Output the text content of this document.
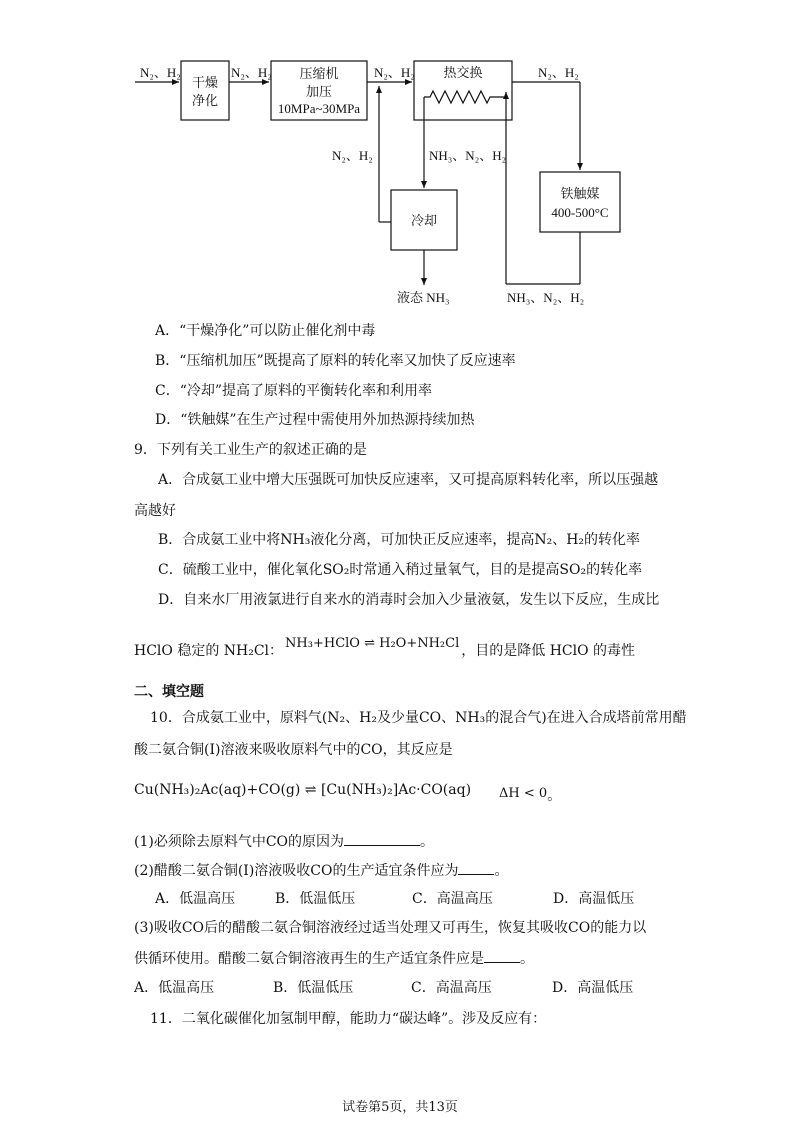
N₂、H₂	N₂、H₂	N₂、H₂	N₂、H₂
N₂、H₂	NH₃、N₂、H₂
NH₃、N₂、H₂
液态 NH₃
干燥
净化
压缩机
加压
10MPa~30MPa
热交换
铁触媒
400-500°C
冷却
A．“干燥净化”可以防止催化剂中毒
B．“压缩机加压”既提高了原料的转化率又加快了反应速率
C．“冷却”提高了原料的平衡转化率和利用率
D．“铁触媒”在生产过程中需使用外加热源持续加热
9．下列有关工业生产的叙述正确的是
A．合成氨工业中增大压强既可加快反应速率，又可提高原料转化率，所以压强越
高越好
B．合成氨工业中将NH₃液化分离，可加快正反应速率，提高N₂、H₂的转化率
C．硫酸工业中，催化氧化SO₂时常通入稍过量氧气，目的是提高SO₂的转化率
D．自来水厂用液氯进行自来水的消毒时会加入少量液氨，发生以下反应，生成比
HClO 稳定的 NH₂Cl： NH₃+HClO ⇌ H₂O+NH₂Cl ，目的是降低 HClO 的毒性
二、填空题
10．合成氨工业中，原料气(N₂、H₂及少量CO、NH₃的混合气)在进入合成塔前常用醋
酸二氨合铜(I)溶液来吸收原料气中的CO，其反应是
Cu(NH₃)₂Ac(aq)+CO(g) ⇌ [Cu(NH₃)₂]Ac·CO(aq) ΔH < 0。
(1)必须除去原料气中CO的原因为	。
(2)醋酸二氨合铜(I)溶液吸收CO的生产适宜条件应为	。
A．低温高压	B．低温低压	C．高温高压	D．高温低压
(3)吸收CO后的醋酸二氨合铜溶液经过适当处理又可再生，恢复其吸收CO的能力以
供循环使用。醋酸二氨合铜溶液再生的生产适宜条件应是	。
A．低温高压	B．低温低压	C．高温高压	D．高温低压
11．二氧化碳催化加氢制甲醇，能助力“碳达峰”。涉及反应有：
试卷第5页，共13页
